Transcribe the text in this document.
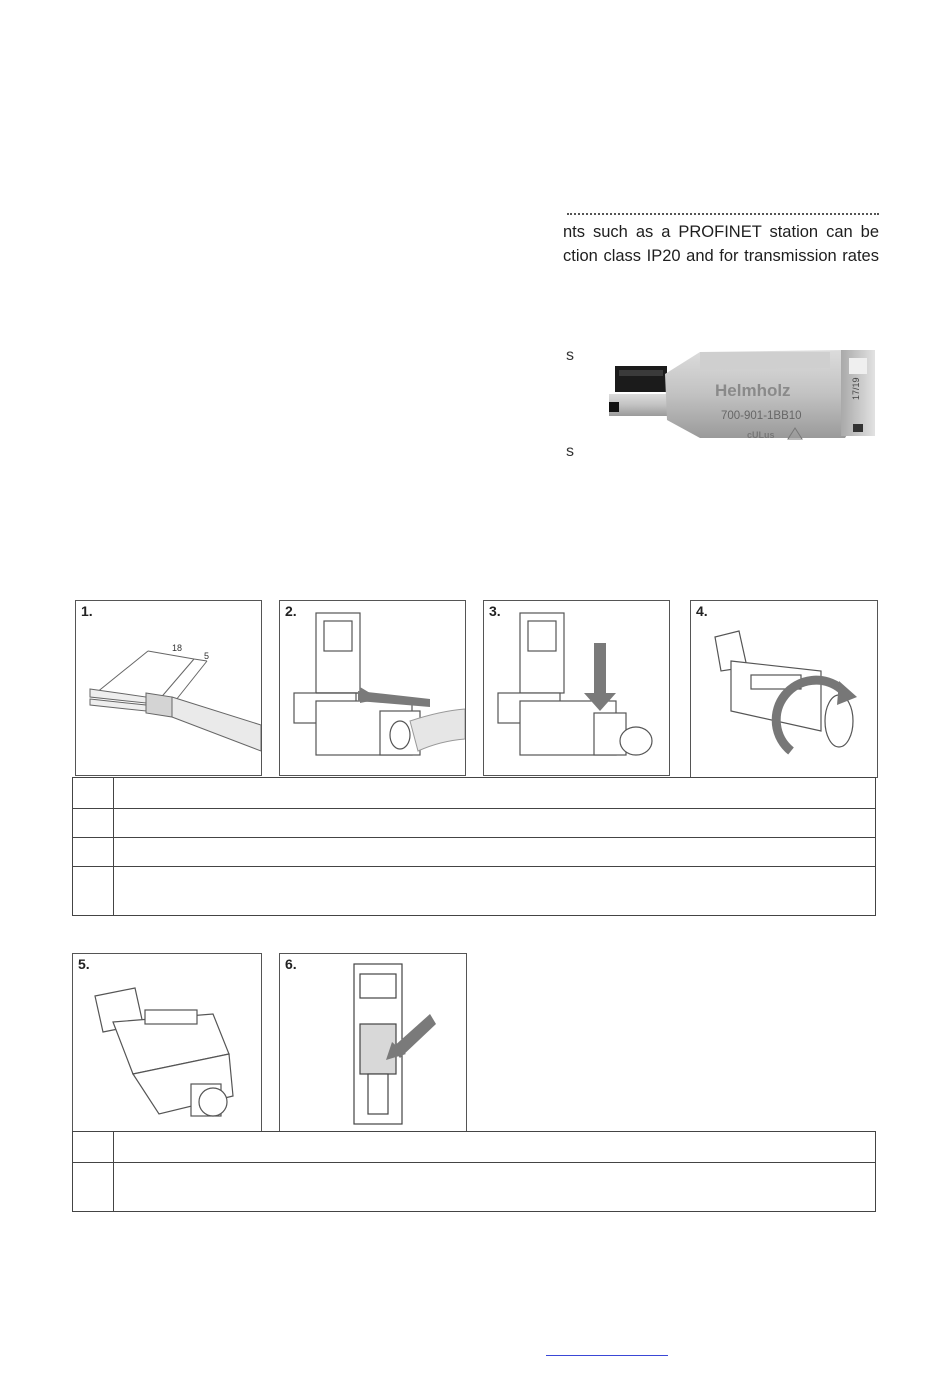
nts such as a PROFINET station can be
ction class IP20 and for transmission rates
s
s
17/19
Helmholz
700-901-1BB10
cULus
1.
18
5
2.	3.	4.

5.	6.
